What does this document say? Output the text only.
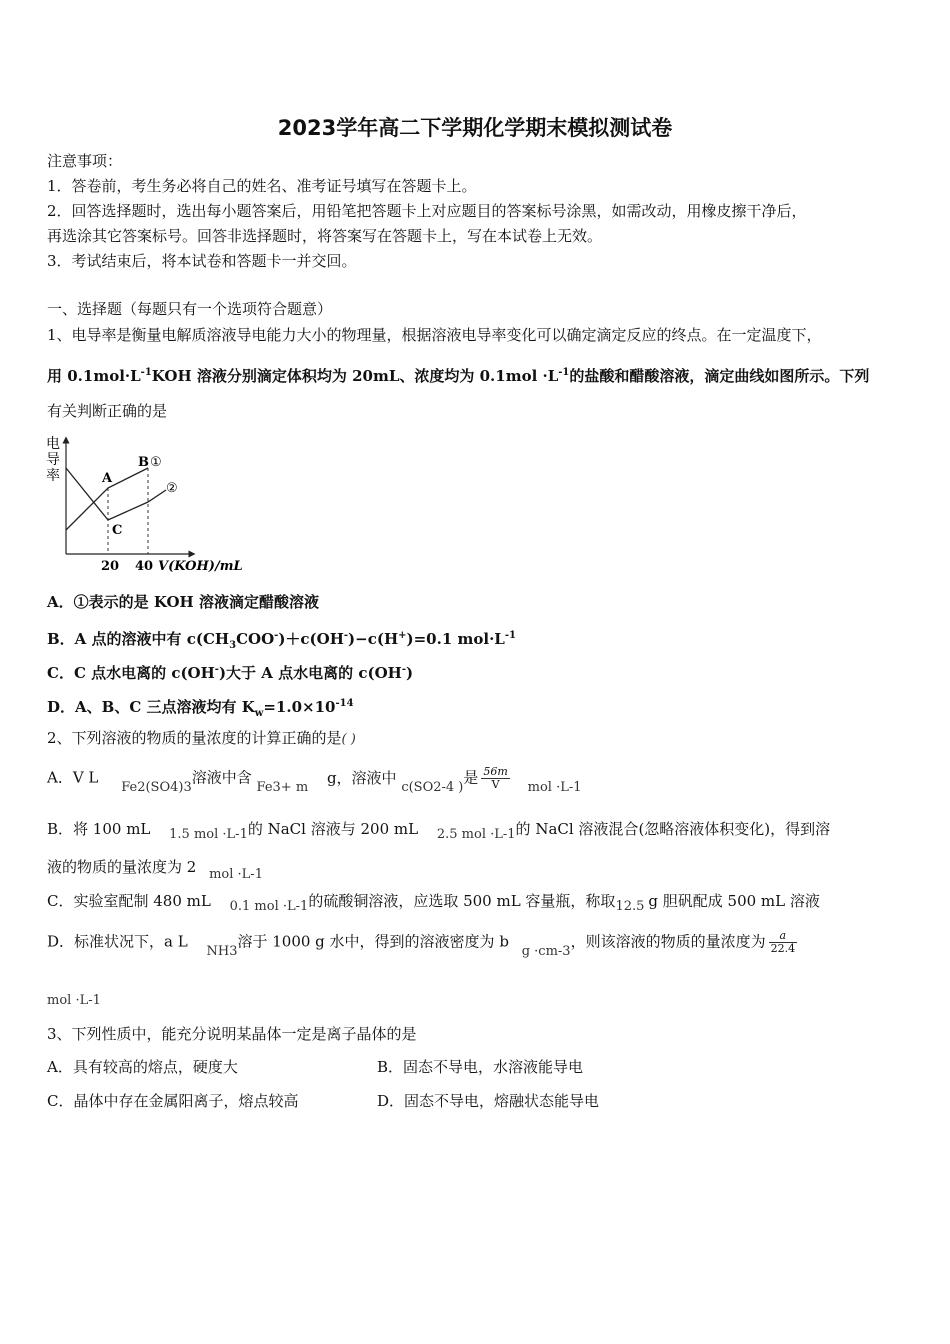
2023学年高二下学期化学期末模拟测试卷
注意事项：
1．答卷前，考生务必将自己的姓名、准考证号填写在答题卡上。
2．回答选择题时，选出每小题答案后，用铅笔把答题卡上对应题目的答案标号涂黑，如需改动，用橡皮擦干净后，
再选涂其它答案标号。回答非选择题时，将答案写在答题卡上，写在本试卷上无效。
3．考试结束后，将本试卷和答题卡一并交回。
一、选择题（每题只有一个选项符合题意）
1、电导率是衡量电解质溶液导电能力大小的物理量，根据溶液电导率变化可以确定滴定反应的终点。在一定温度下，
用 $0.1mol\cdot L^{-1}KOH$ 溶液分别滴定体积均为 20mL、浓度均为 $0.1mol \cdot L^{-1}$的盐酸和醋酸溶液，滴定曲线如图所示。下列
有关判断正确的是
电
导
率	A
B ①
②
C
20 40 V(KOH)/mL
A．①表示的是 KOH 溶液滴定醋酸溶液
B．A 点的溶液中有 $c(CH_3COO^-)+c(OH^-)-c(H^+)=0.1$ $mol\cdot L^{-1}$
C．C 点水电离的 c(OH-)大于 A 点水电离的 c(OH-)
D．A、B、C 三点溶液均有 $K_w=1.0\times 10^{-14}$
2、下列溶液的物质的量浓度的计算正确的是( )
A．V L Fe2(SO4)3溶液中含 Fe3+ m g，溶液中 c(SO2-4 )是 $\frac{56m}{V}$ mol ·L-1
B．将 100 mL 1.5 mol ·L-1的 NaCl 溶液与 200 mL 2.5 mol ·L-1的 NaCl 溶液混合(忽略溶液体积变化)，得到溶
液的物质的量浓度为 2 mol ·L-1
C．实验室配制 480 mL 0.1 mol ·L-1的硫酸铜溶液，应选取 500 mL 容量瓶，称取12.5 g 胆矾配成 500 mL 溶液
D．标准状况下，a L NH3溶于 1000 g 水中，得到的溶液密度为 b g ·cm-3，则该溶液的物质的量浓度为 $\frac{a}{22.4}$
mol ·L-1
3、下列性质中，能充分说明某晶体一定是离子晶体的是
A．具有较高的熔点，硬度大	B．固态不导电，水溶液能导电
C．晶体中存在金属阳离子，熔点较高	D．固态不导电，熔融状态能导电
